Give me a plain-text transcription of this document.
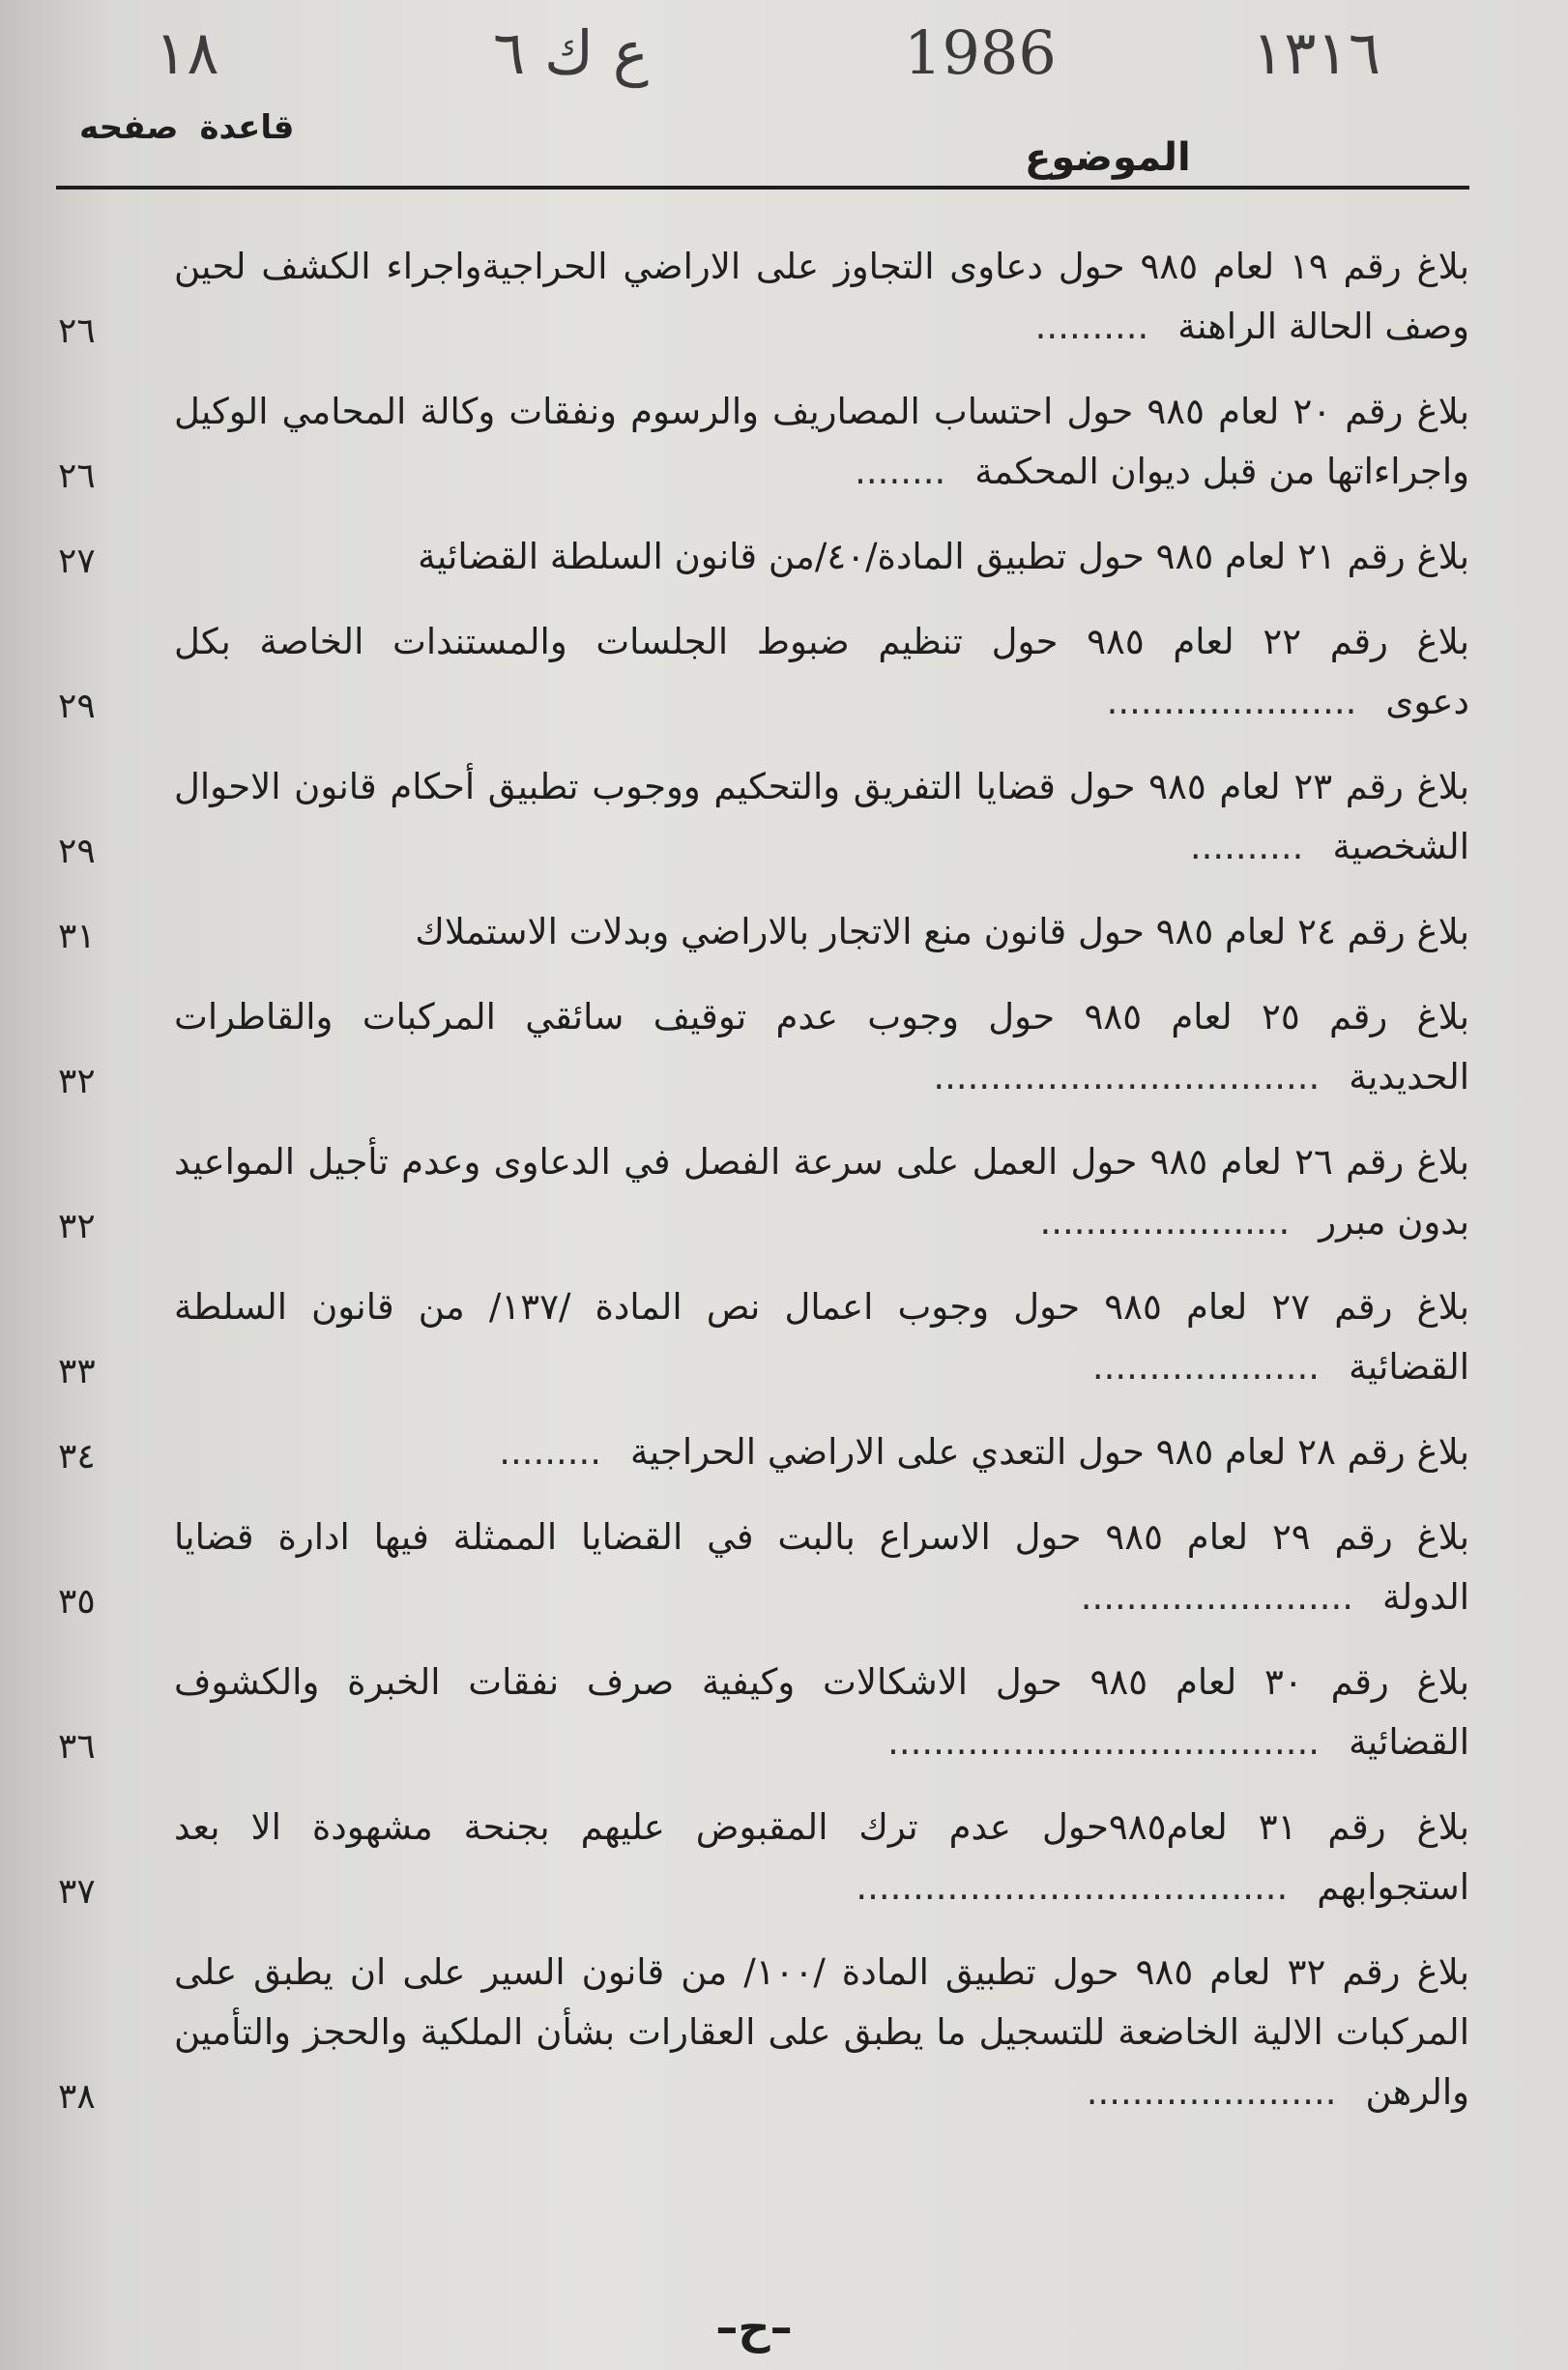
١٣١٦
1986
ع ك ٦
١٨
قاعدةصفحه
الموضوع
بلاغ رقم ١٩ لعام ٩٨٥ حول دعاوى التجاوز على الاراضي الحراجيةواجراء الكشف لحين وصف الحالة الراهنة..........
٢٦
بلاغ رقم ٢٠ لعام ٩٨٥ حول احتساب المصاريف والرسوم ونفقات وكالة المحامي الوكيل واجراءاتها من قبل ديوان المحكمة........
٢٦
بلاغ رقم ٢١ لعام ٩٨٥ حول تطبيق المادة/٤٠/من قانون السلطة القضائية
٢٧
بلاغ رقم ٢٢ لعام ٩٨٥ حول تنظيم ضبوط الجلسات والمستندات الخاصة بكل دعوى......................
٢٩
بلاغ رقم ٢٣ لعام ٩٨٥ حول قضايا التفريق والتحكيم ووجوب تطبيق أحكام قانون الاحوال الشخصية..........
٢٩
بلاغ رقم ٢٤ لعام ٩٨٥ حول قانون منع الاتجار بالاراضي وبدلات الاستملاك
٣١
بلاغ رقم ٢٥ لعام ٩٨٥ حول وجوب عدم توقيف سائقي المركبات والقاطرات الحديدية..................................
٣٢
بلاغ رقم ٢٦ لعام ٩٨٥ حول العمل على سرعة الفصل في الدعاوى وعدم تأجيل المواعيد بدون مبرر......................
٣٢
بلاغ رقم ٢٧ لعام ٩٨٥ حول وجوب اعمال نص المادة /١٣٧/ من قانون السلطة القضائية....................
٣٣
بلاغ رقم ٢٨ لعام ٩٨٥ حول التعدي على الاراضي الحراجية.........
٣٤
بلاغ رقم ٢٩ لعام ٩٨٥ حول الاسراع بالبت في القضايا الممثلة فيها ادارة قضايا الدولة........................
٣٥
بلاغ رقم ٣٠ لعام ٩٨٥ حول الاشكالات وكيفية صرف نفقات الخبرة والكشوف القضائية......................................
٣٦
بلاغ رقم ٣١ لعام٩٨٥حول عدم ترك المقبوض عليهم بجنحة مشهودة الا بعد استجوابهم......................................
٣٧
بلاغ رقم ٣٢ لعام ٩٨٥ حول تطبيق المادة /١٠٠/ من قانون السير على ان يطبق على المركبات الالية الخاضعة للتسجيل ما يطبق على العقارات بشأن الملكية والحجز والتأمين والرهن......................
٣٨
–ح–
